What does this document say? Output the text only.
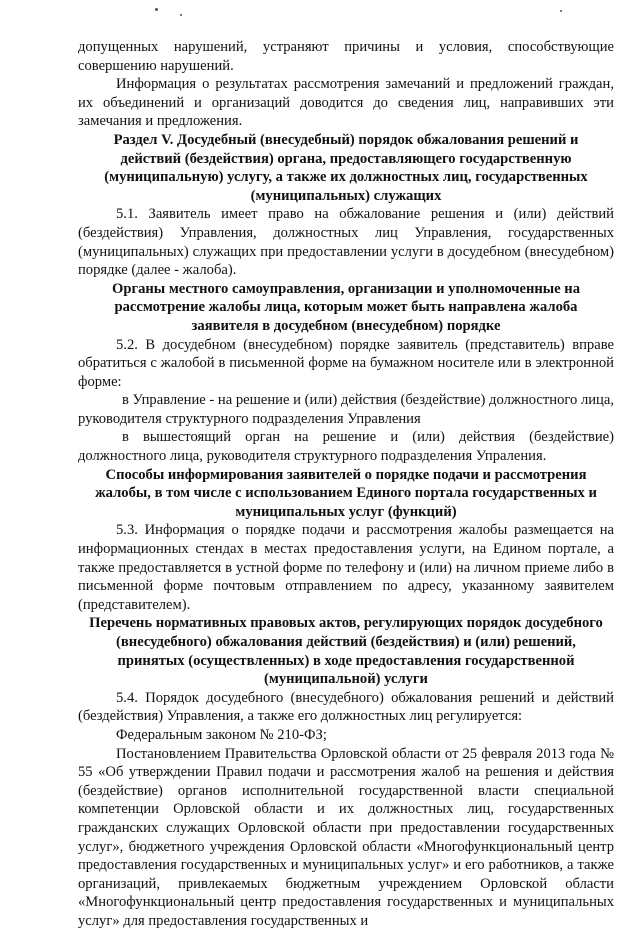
допущенных нарушений, устраняют причины и условия, способствующие совершению нарушений.

Информация о результатах рассмотрения замечаний и предложений граждан, их объединений и организаций доводится до сведения лиц, направивших эти замечания и предложения.

Раздел V. Досудебный (внесудебный) порядок обжалования решений и действий (бездействия) органа, предоставляющего государственную (муниципальную) услугу, а также их должностных лиц, государственных (муниципальных) служащих

5.1. Заявитель имеет право на обжалование решения и (или) действий (бездействия) Управления, должностных лиц Управления, государственных (муниципальных) служащих при предоставлении услуги в досудебном (внесудебном) порядке (далее - жалоба).

Органы местного самоуправления, организации и уполномоченные на рассмотрение жалобы лица, которым может быть направлена жалоба заявителя в досудебном (внесудебном) порядке

5.2. В досудебном (внесудебном) порядке заявитель (представитель) вправе обратиться с жалобой в письменной форме на бумажном носителе или в электронной форме:

в Управление - на решение и (или) действия (бездействие) должностного лица, руководителя структурного подразделения Управления

в вышестоящий орган на решение и (или) действия (бездействие) должностного лица, руководителя структурного подразделения Упраления.

Способы информирования заявителей о порядке подачи и рассмотрения жалобы, в том числе с использованием Единого портала государственных и муниципальных услуг (функций)

5.3. Информация о порядке подачи и рассмотрения жалобы размещается на информационных стендах в местах предоставления услуги, на Едином портале, а также предоставляется в устной форме по телефону и (или) на личном приеме либо в письменной форме почтовым отправлением по адресу, указанному заявителем (представителем).

Перечень нормативных правовых актов, регулирующих порядок досудебного (внесудебного) обжалования действий (бездействия) и (или) решений, принятых (осуществленных) в ходе предоставления государственной (муниципальной) услуги

5.4. Порядок досудебного (внесудебного) обжалования решений и действий (бездействия) Управления, а также его должностных лиц регулируется:

Федеральным законом № 210-ФЗ;

Постановлением Правительства Орловской области от 25 февраля 2013 года № 55 «Об утверждении Правил подачи и рассмотрения жалоб на решения и действия (бездействие) органов исполнительной государственной власти специальной компетенции Орловской области и их должностных лиц, государственных гражданских служащих Орловской области при предоставлении государственных услуг», бюджетного учреждения Орловской области «Многофункциональный центр предоставления государственных и муниципальных услуг» и его работников, а также организаций, привлекаемых бюджетным учреждением Орловской области «Многофункциональный центр предоставления государственных и муниципальных услуг» для предоставления государственных и
